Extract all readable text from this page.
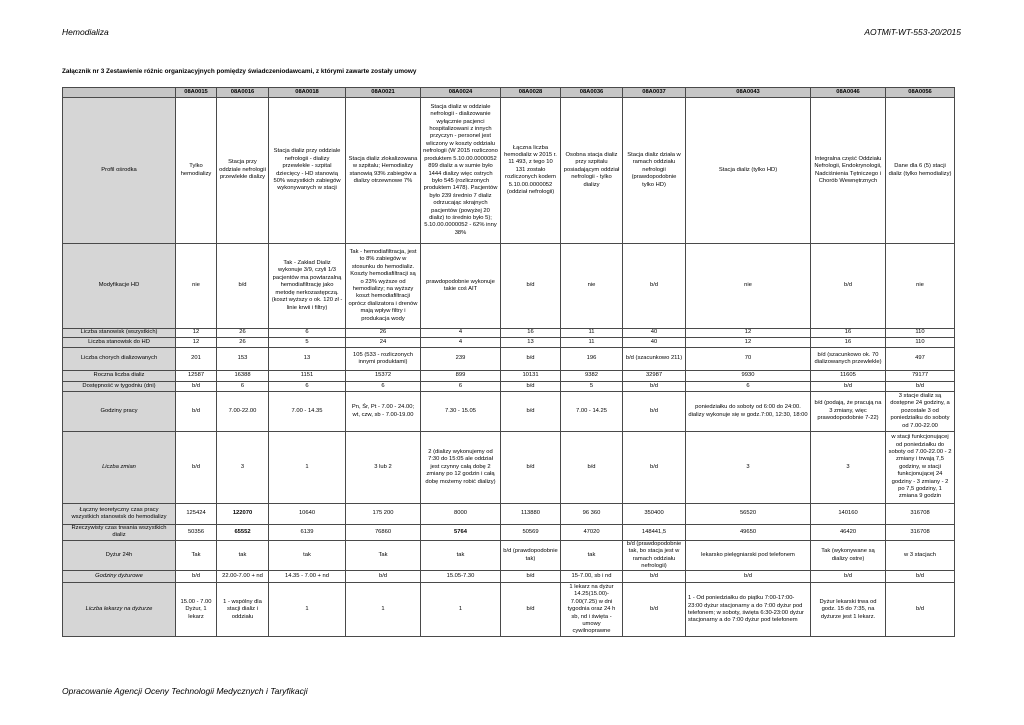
Hemodializa	AOTMiT-WT-553-20/2015
Załącznik nr 3 Zestawienie różnic organizacyjnych pomiędzy świadczeniodawcami, z którymi zawarte zostały umowy
	08A0015	08A0016	08A0018	08A0021	08A0024	08A0028	08A0036	08A0037	08A0043	08A0046	08A0056
Profil ośrodka	Tylko hemodializy	Stacja przy oddziale nefrologii przewlekłe dializy	Stacja dializ przy oddziale nefrologii - dializy przewlekłe - szpital dziecięcy - HD stanowią 50% wszystkich zabiegów wykonywanych w stacji	Stacja dializ zlokalizowana w szpitalu; Hemodializy stanowią 93% zabiegów a dializy otrzewnowe 7%	Stacja dializ w oddziale nefrologii - dializowanie wyłącznie pacjenci hospitalizowani z innych przyczyn - personel jest wliczony w koszty oddziału nefrologii (W 2015 rozliczono produktem 5.10.00.0000052 899 dializ a w sumie było 1444 dializy więc ostrych było 545 (rozliczonych produktem 1478). Pacjentów było 239 średnio 7 dializ odrzucając skrajnych pacjentów (powyżej 20 dializ) to średnio było 5); 5.10.00.0000052 - 62% inny 38%	Łączna liczba hemodializ w 2015 r. 11 493, z tego 10 131 zostało rozliczonych kodem 5.10.00.0000052 (oddział nefrologii)	Osobna stacja dializ przy szpitalu posiadającym oddział nefrologii - tylko dializy	Stacja dializ działa w ramach oddziału nefrologii (prawdopodobnie tylko HD)	Stacja dializ (tylko HD)	Integralna część Oddziału Nefrologii, Endokrynologii, Nadciśnienia Tętniczego i Chorób Wewnętrznych	Dane dla 6 (5) stacji dializ (tylko hemodializy)
Modyfikacje HD	nie	b/d	Tak - Zakład Dializ wykonuje 3/9, czyli 1/3 pacjentów ma powtarzalną hemodiafiltrację jako metodę nerkozastępczą. (koszt wyższy o ok. 120 zł - linie krwii i filtry)	Tak - hemodiafiltracja, jest to 8% zabiegów w stosunku do hemodializ. Koszty hemodiafiltracji są o 23% wyższe od hemodializy; na wyższy koszt hemodiafiltracji oprócz dializatora i drenów mają wpływ filtry i produkacja wody	prawdopodobnie wykonuje takie coś AIT	b/d	nie	b/d	nie	b/d	nie
Liczba stanowisk (wszystkich)	12	26	6	26	4	16	11	40	12	16	110
Liczba stanowisk do HD	12	26	5	24	4	13	11	40	12	16	110
Liczba chorych dializowanych	201	153	13	105 (533 - rozliczonych innymi produktami)	239	b/d	196	b/d (szacunkowo 211)	70	b/d (szacunkowo ok. 70 dializowanych przewlekle)	497
Roczna liczba dializ	12587	16388	1151	15372	899	10131	9382	32987	9930	11605	79177
Dostępność w tygodniu (dni)	b/d	6	6	6	6	b/d	5	b/d	6	b/d	b/d
Godziny pracy	b/d	7.00-22.00	7.00 - 14.35	Pn, Śr, Pt - 7.00 - 24.00; wt, czw, sb - 7.00-19.00	7.30 - 15.05	b/d	7.00 - 14.25	b/d	poniedziałku do soboty od 6:00 do 24:00. dializy wykonuje się w godz.7:00, 12:30, 18:00	b/d (podają, że pracują na 3 zmiany, więc prawodopodobnie 7-22)	3 stacje dializ są dostępne 24 godziny, a pozostałe 3 od poniedziałku do soboty od 7.00-22.00
Liczba zmian	b/d	3	1	3 lub 2	2 (dializy wykonujemy od 7:30 do 15:05 ale oddział jest czynny całą dobę 2 zmiany po 12 godzin i całą dobę możemy robić dializy)	b/d	b/d	b/d	3	3	w stacji funkcjonującej od poniedziałku do soboty od 7.00-22.00 - 2 zmiany i trwają 7,5 godziny, w stacji funkcjonującej 24 godziny - 3 zmiany - 2 po 7,5 godziny, 1 zmiana 9 godzin
Łączny teoretyczny czas pracy wszystkich stanowisk do hemodializy	125424	122070	10640	175 200	8000	113880	96 360	350400	56520	140160	316708
Rzeczywisty czas trwania wszystkich dializ	50356	65552	6139	76860	5764	50569	47020	148441,5	49650	46420	316708
Dyżur 24h	Tak	tak	tak	Tak	tak	b/d (prawdopodobnie tak)	tak	b/d (prawdopodobnie tak, bo stacja jest w ramach oddziału nefrologii)	lekarsko pielęgniarski pod telefonem	Tak (wykonywane są dializy ostre)	w 3 stacjach
Godziny dyżurowe	b/d	22.00-7.00 + nd	14.35 - 7.00 + nd	b/d	15.05-7.30	b/d	15-7.00, sb i nd	b/d	b/d	b/d	b/d
Liczba lekarzy na dyżurze	15.00 - 7.00 Dyżur, 1 lekarz	1 - wspólny dla stacji dializ i oddziału	1	1	1	b/d	1 lekarz na dyżur 14.25(15.00)- 7.00(7.25) w dni tygodnia oraz 24 h sb, nd i święta - umowy cywilnoprawne	b/d	1 - Od poniedziałku do piątku 7:00-17:00- 23:00 dyżur stacjonarny a do 7:00 dyżur pod telefonem; w soboty, święta 6:30-23:00 dyżur stacjonarny a do 7:00 dyżur pod telefonem	Dyżur lekarski trwa od godz. 15 do 7:35, na dyżurze jest 1 lekarz.	b/d
Opracowanie Agencji Oceny Technologii Medycznych i Taryfikacji
